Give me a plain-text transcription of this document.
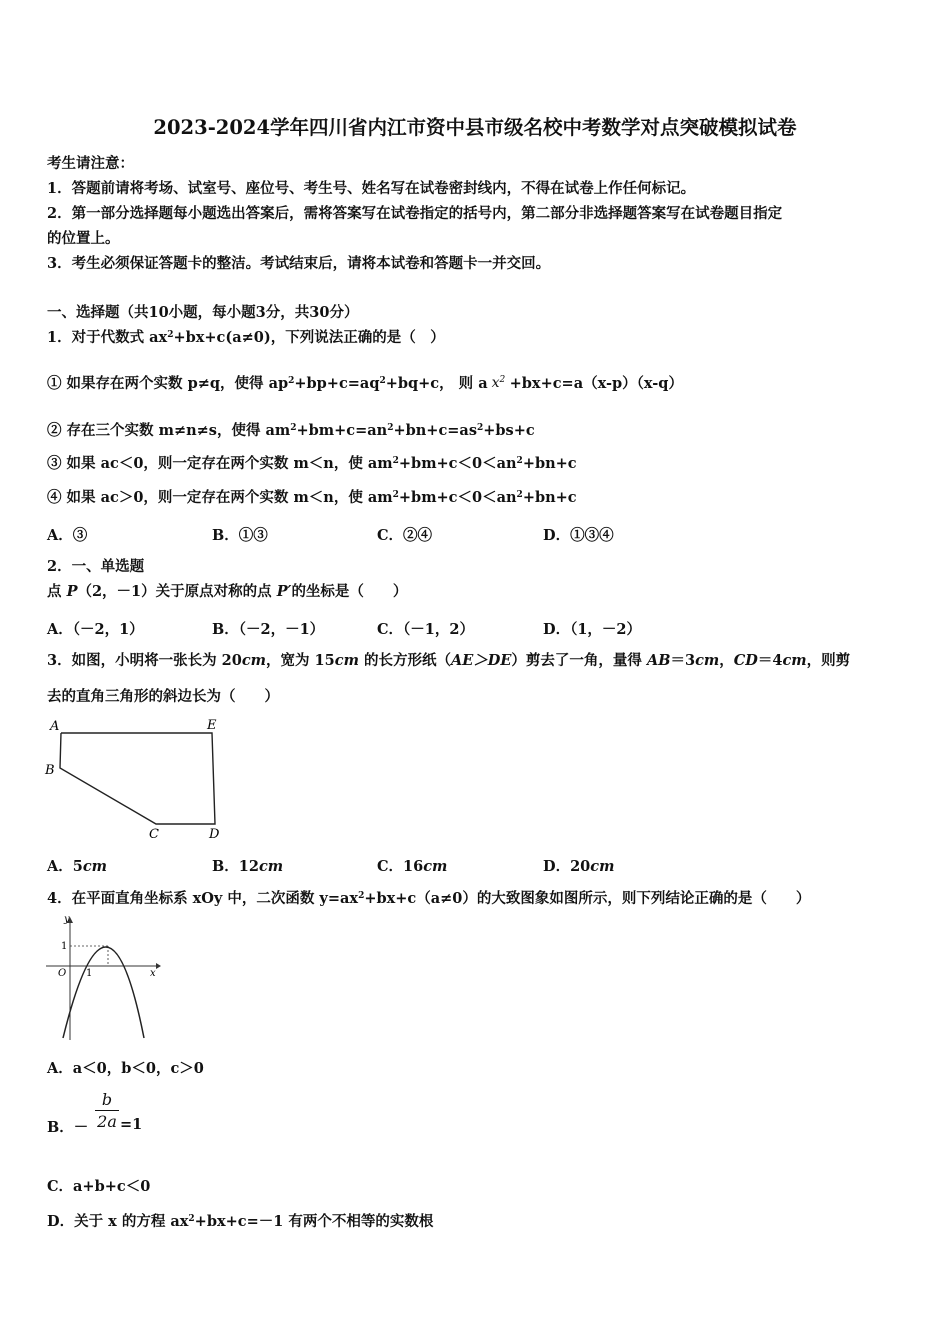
2023-2024学年四川省内江市资中县市级名校中考数学对点突破模拟试卷
考生请注意：
1．答题前请将考场、试室号、座位号、考生号、姓名写在试卷密封线内，不得在试卷上作任何标记。
2．第一部分选择题每小题选出答案后，需将答案写在试卷指定的括号内，第二部分非选择题答案写在试卷题目指定
的位置上。
3．考生必须保证答题卡的整洁。考试结束后，请将本试卷和答题卡一并交回。
一、选择题（共10小题，每小题3分，共30分）
1．对于代数式 $ax^2+bx+c(a\ne 0)$，下列说法正确的是（　）
① 如果存在两个实数 p≠q，使得 $ap^2+bp+c=aq^2+bq+c$， 则 a $x^2 +bx+c=a(x-p)(x-q)$
② 存在三个实数 m≠n≠s，使得 $am^2+bm+c=an^2+bn+c=as^2+bs+c$
③ 如果 ac＜0，则一定存在两个实数 m＜n，使 $am^2+bm+c<0<an^2+bn+c$
④ 如果 ac＞0，则一定存在两个实数 m＜n，使 $am^2+bm+c<0<an^2+bn+c$
A．③	B．①③	C．②④	D．①③④
2．一、单选题
点 P（2，－1）关于原点对称的点 P′的坐标是（　　）
A．（－2，1）	B．（－2，－1）	C．（－1，2）	D．（1，－2）
3．如图，小明将一张长为 20cm，宽为 15cm 的长方形纸（AE＞DE）剪去了一角，量得 AB＝3cm，CD＝4cm，则剪
去的直角三角形的斜边长为（　　）
A	E
B
C	D
A．5cm	B．12cm	C．16cm	D．20cm
4．在平面直角坐标系 xOy 中，二次函数 $y=ax^2+bx+c(a\ne 0)$的大致图象如图所示，则下列结论正确的是（　　）
y
x
O 1
1
A．a＜0，b＜0，c＞0
B．－ $\frac{b}{2a} =1$
C．a+b+c＜0
D．关于 x 的方程 $ax^2+bx+c=-1$ 有两个不相等的实数根
